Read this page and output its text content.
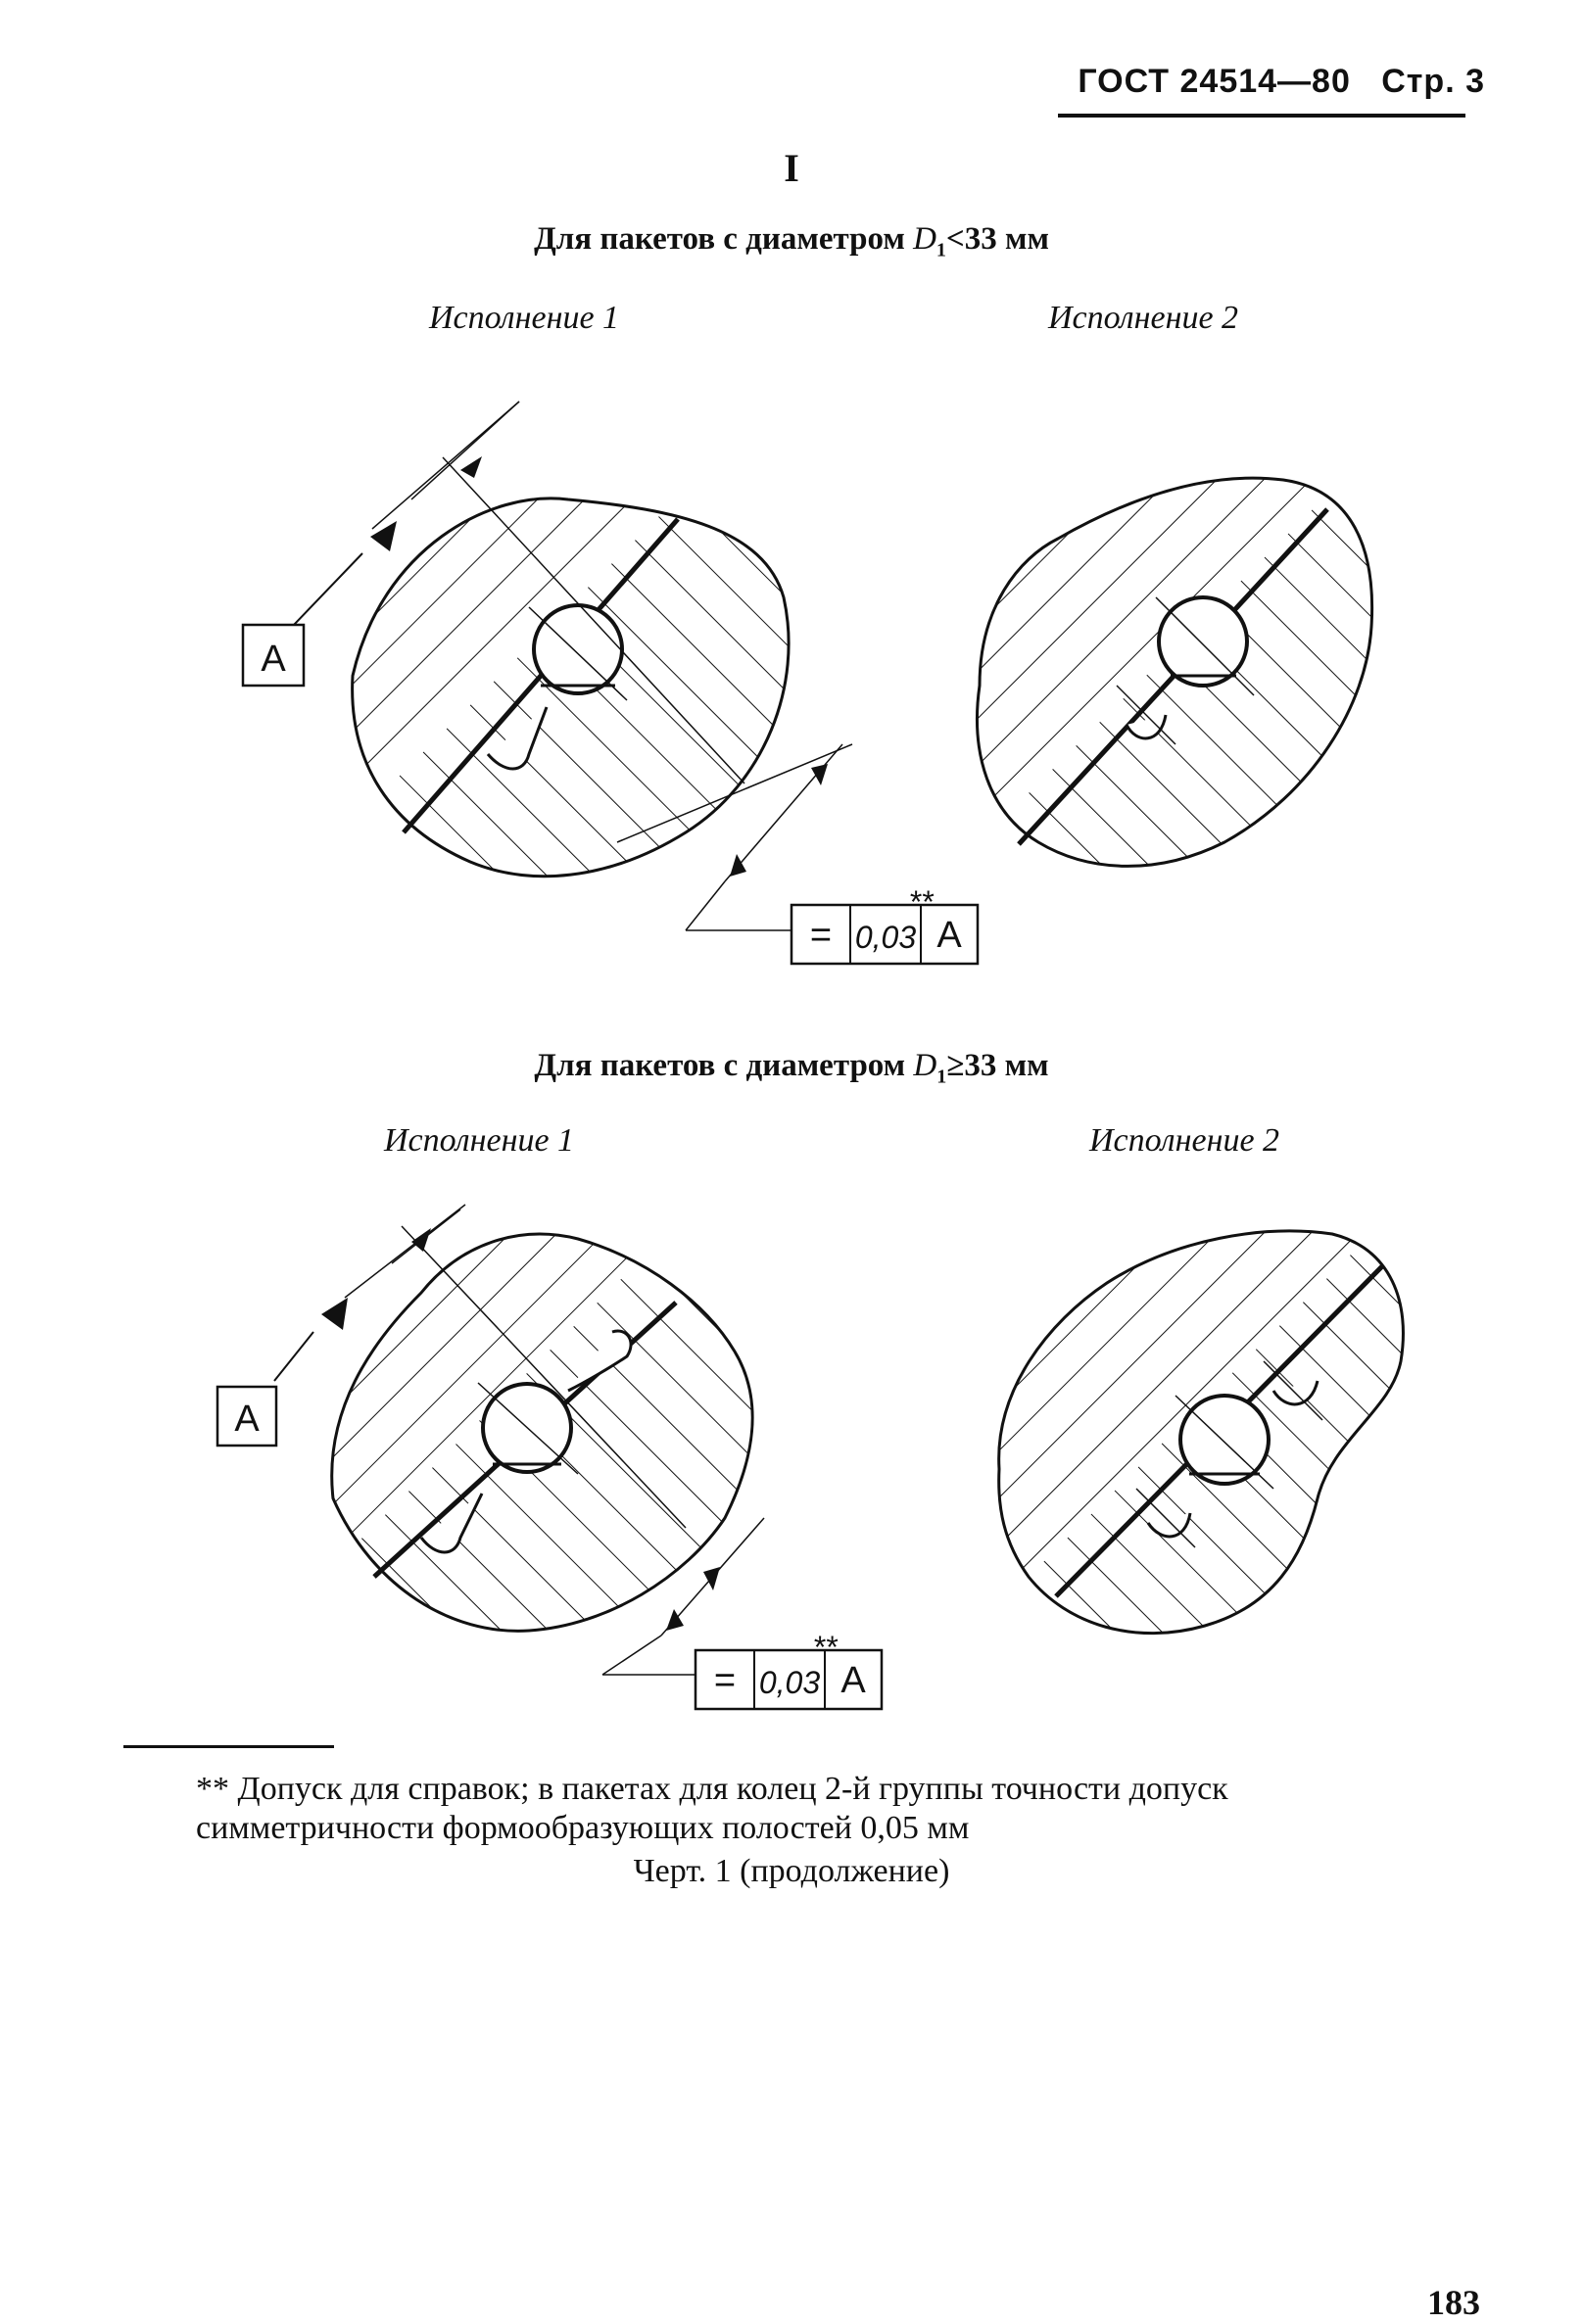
ГОСТ 24514—80 Стр. 3
I
Для пакетов с диаметром $D_1<33$ мм
Исполнение 1	Исполнение 2
Для пакетов с диаметром $D_1\ge 33$ мм
Исполнение 1	Исполнение 2
A
= 0,03
**
A
A
= 0,03
**
A
** Допуск для справок; в пакетах для колец 2-й группы точности допуск
симметричности формообразующих полостей 0,05 мм
Черт. 1 (продолжение)
183
